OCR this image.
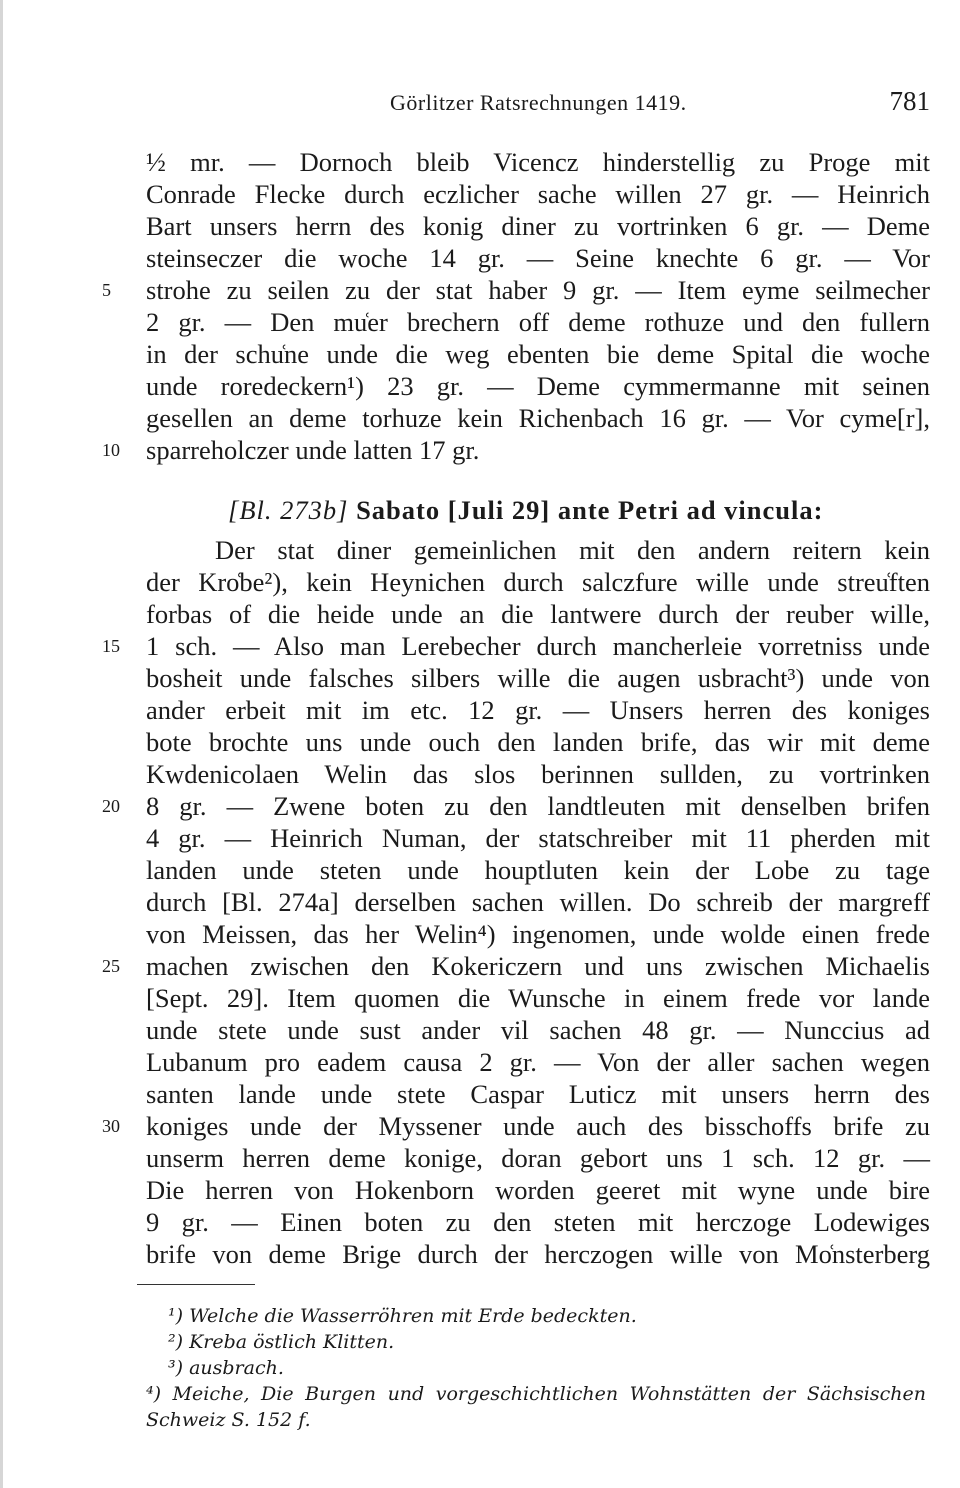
Görlitzer Ratsrechnungen 1419.	781
½ mr. — Dornoch bleib Vicencz hinderstellig zu Proge mit
Conrade Flecke durch eczlicher sache willen 27 gr. — Heinrich
Bart unsers herrn des konig diner zu vortrinken 6 gr. — Deme
steinseczer die woche 14 gr. — Seine knechte 6 gr. — Vor
strohe zu seilen zu der stat haber 9 gr. — Item eyme seilmecher
2 gr. — Den mu͑er brechern off deme rothuze und den fullern
in der schu͑ne unde die weg ebenten bie deme Spital die woche
unde roredeckern¹) 23 gr. — Deme cymmermanne mit seinen
gesellen an deme torhuze kein Richenbach 16 gr. — Vor cyme[r],
sparreholczer unde latten 17 gr.
5
10
[Bl. 273b] Sabato [Juli 29] ante Petri ad vincula:
Der stat diner gemeinlichen mit den andern reitern kein
der Kro͑be²), kein Heynichen durch salczfure wille unde streu͑ften
forbas of die heide unde an die lantwere durch der reuber wille,
1 sch. — Also man Lerebecher durch mancherleie vorretniss unde
bosheit unde falsches silbers wille die augen usbracht³) unde von
ander erbeit mit im etc. 12 gr. — Unsers herren des koniges
bote brochte uns unde ouch den landen brife, das wir mit deme
Kwdenicolaen Welin das slos berinnen sullden, zu vortrinken
8 gr. — Zwene boten zu den landtleuten mit denselben brifen
4 gr. — Heinrich Numan, der statschreiber mit 11 pherden mit
landen unde steten unde houptluten kein der Lobe zu tage
durch [Bl. 274a] derselben sachen willen. Do schreib der margreff
von Meissen, das her Welin⁴) ingenomen, unde wolde einen frede
machen zwischen den Kokericzern und uns zwischen Michaelis
[Sept. 29]. Item quomen die Wunsche in einem frede vor lande
unde stete unde sust ander vil sachen 48 gr. — Nunccius ad
Lubanum pro eadem causa 2 gr. — Von der aller sachen wegen
santen lande unde stete Caspar Luticz mit unsers herrn des
koniges unde der Myssener unde auch des bisschoffs brife zu
unserm herren deme konige, doran gebort uns 1 sch. 12 gr. —
Die herren von Hokenborn worden geeret mit wyne unde bire
9 gr. — Einen boten zu den steten mit herczoge Lodewiges
brife von deme Brige durch der herczogen wille von Mo͑nsterberg
15
20
25
30
¹) Welche die Wasserröhren mit Erde bedeckten.
²) Kreba östlich Klitten.
³) ausbrach.
⁴) Meiche, Die Burgen und vorgeschichtlichen Wohnstätten der Sächsischen
Schweiz S. 152 f.
